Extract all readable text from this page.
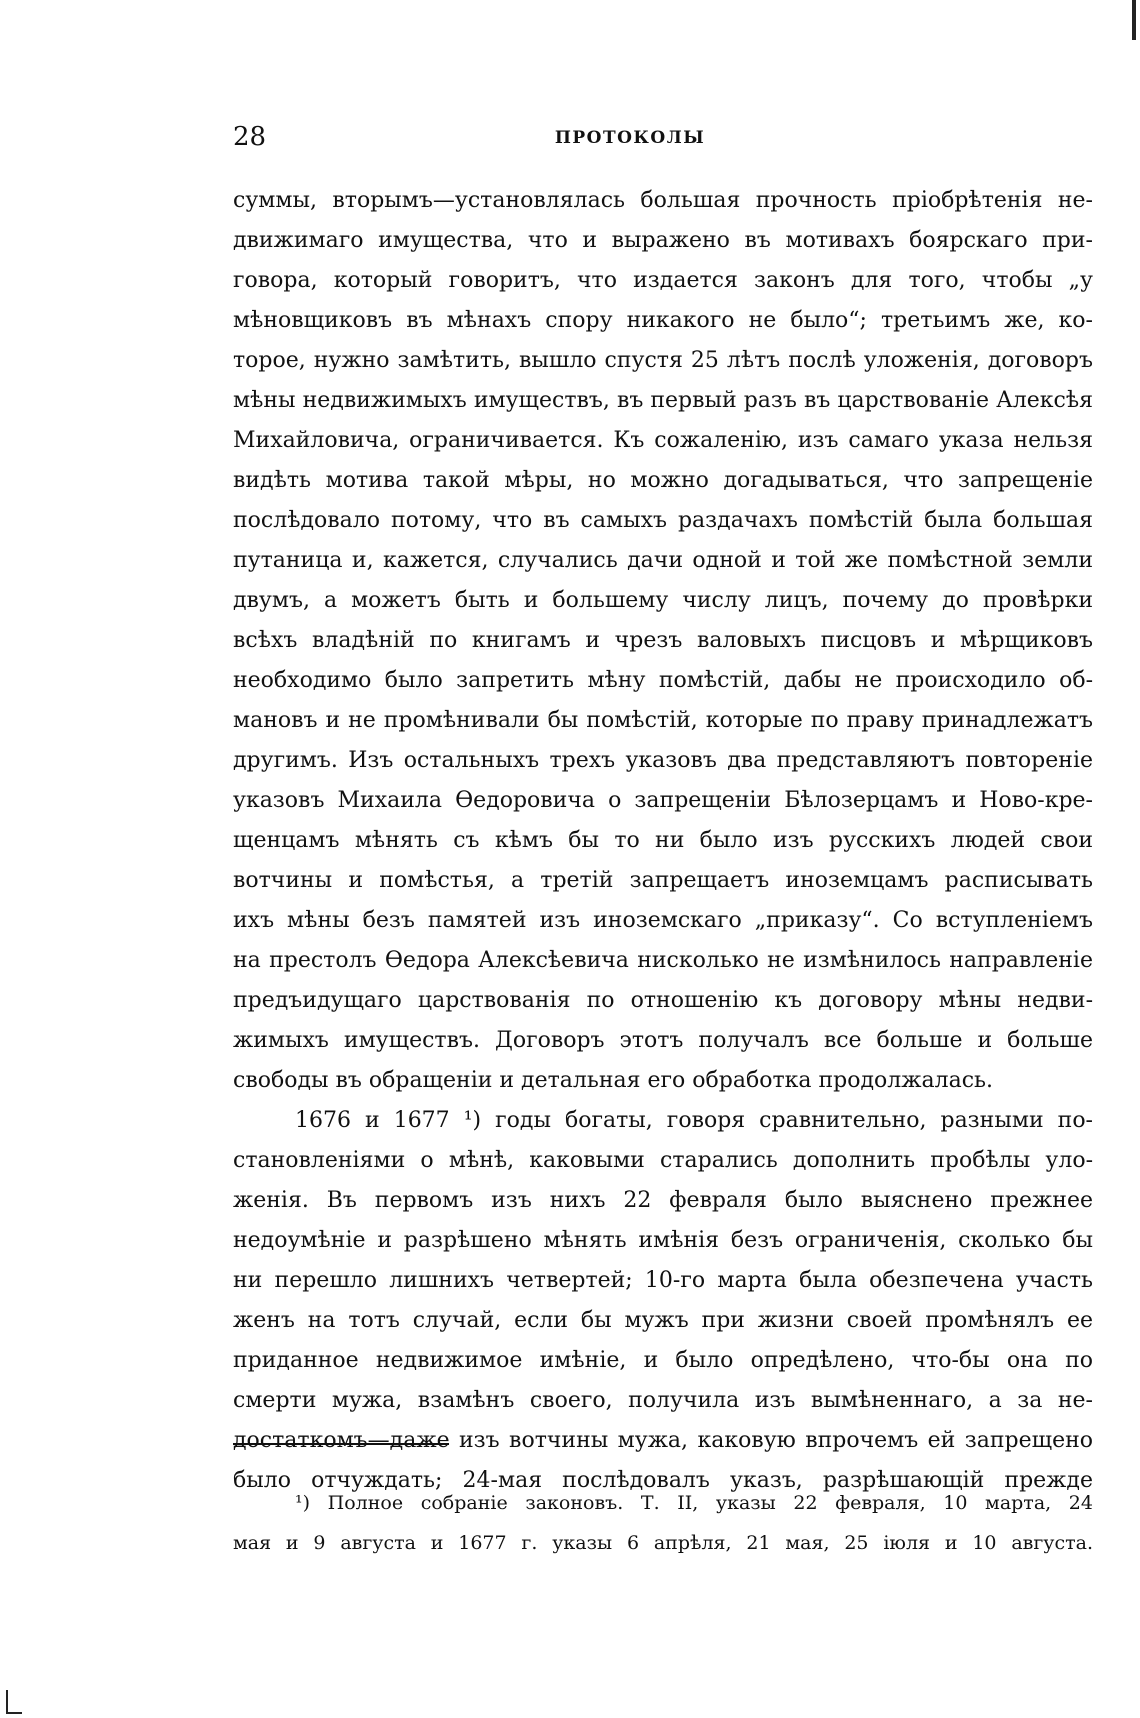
28	ПРОТОКОЛЫ
суммы, вторымъ—установлялась большая прочность пріобрѣтенія не-
движимаго имущества, что и выражено въ мотивахъ боярскаго при-
говора, который говоритъ, что издается законъ для того, чтобы „у
мѣновщиковъ въ мѣнахъ спору никакого не было“; третьимъ же, ко-
торое, нужно замѣтить, вышло спустя 25 лѣтъ послѣ уложенія, договоръ
мѣны недвижимыхъ имуществъ, въ первый разъ въ царствованіе Алексѣя
Михайловича, ограничивается. Къ сожаленію, изъ самаго указа нельзя
видѣть мотива такой мѣры, но можно догадываться, что запрещеніе
послѣдовало потому, что въ самыхъ раздачахъ помѣстій была большая
путаница и, кажется, случались дачи одной и той же помѣстной земли
двумъ, а можетъ быть и большему числу лицъ, почему до провѣрки
всѣхъ владѣній по книгамъ и чрезъ валовыхъ писцовъ и мѣрщиковъ
необходимо было запретить мѣну помѣстій, дабы не происходило об-
мановъ и не промѣнивали бы помѣстій, которые по праву принадлежатъ
другимъ. Изъ остальныхъ трехъ указовъ два представляютъ повтореніе
указовъ Михаила Өедоровича о запрещеніи Бѣлозерцамъ и Ново-кре-
щенцамъ мѣнять съ кѣмъ бы то ни было изъ русскихъ людей свои
вотчины и помѣстья, а третій запрещаетъ иноземцамъ расписывать
ихъ мѣны безъ памятей изъ иноземскаго „приказу“. Со вступленіемъ
на престолъ Өедора Алексѣевича нисколько не измѣнилось направленіе
предъидущаго царствованія по отношенію къ договору мѣны недви-
жимыхъ имуществъ. Договоръ этотъ получалъ все больше и больше
свободы въ обращеніи и детальная его обработка продолжалась.
1676 и 1677 ¹) годы богаты, говоря сравнительно, разными по-
становленіями о мѣнѣ, каковыми старались дополнить пробѣлы уло-
женія. Въ первомъ изъ нихъ 22 февраля было выяснено прежнее
недоумѣніе и разрѣшено мѣнять имѣнія безъ ограниченія, сколько бы
ни перешло лишнихъ четвертей; 10-го марта была обезпечена участь
женъ на тотъ случай, если бы мужъ при жизни своей промѣнялъ ее
приданное недвижимое имѣніе, и было опредѣлено, что-бы она по
смерти мужа, взамѣнъ своего, получила изъ вымѣненнаго, а за не-
достаткомъ—даже изъ вотчины мужа, каковую впрочемъ ей запрещено
было отчуждать; 24-мая послѣдовалъ указъ, разрѣшающій прежде
¹) Полное собраніе законовъ. Т. II, указы 22 февраля, 10 марта, 24
мая и 9 августа и 1677 г. указы 6 апрѣля, 21 мая, 25 іюля и 10 августа.
